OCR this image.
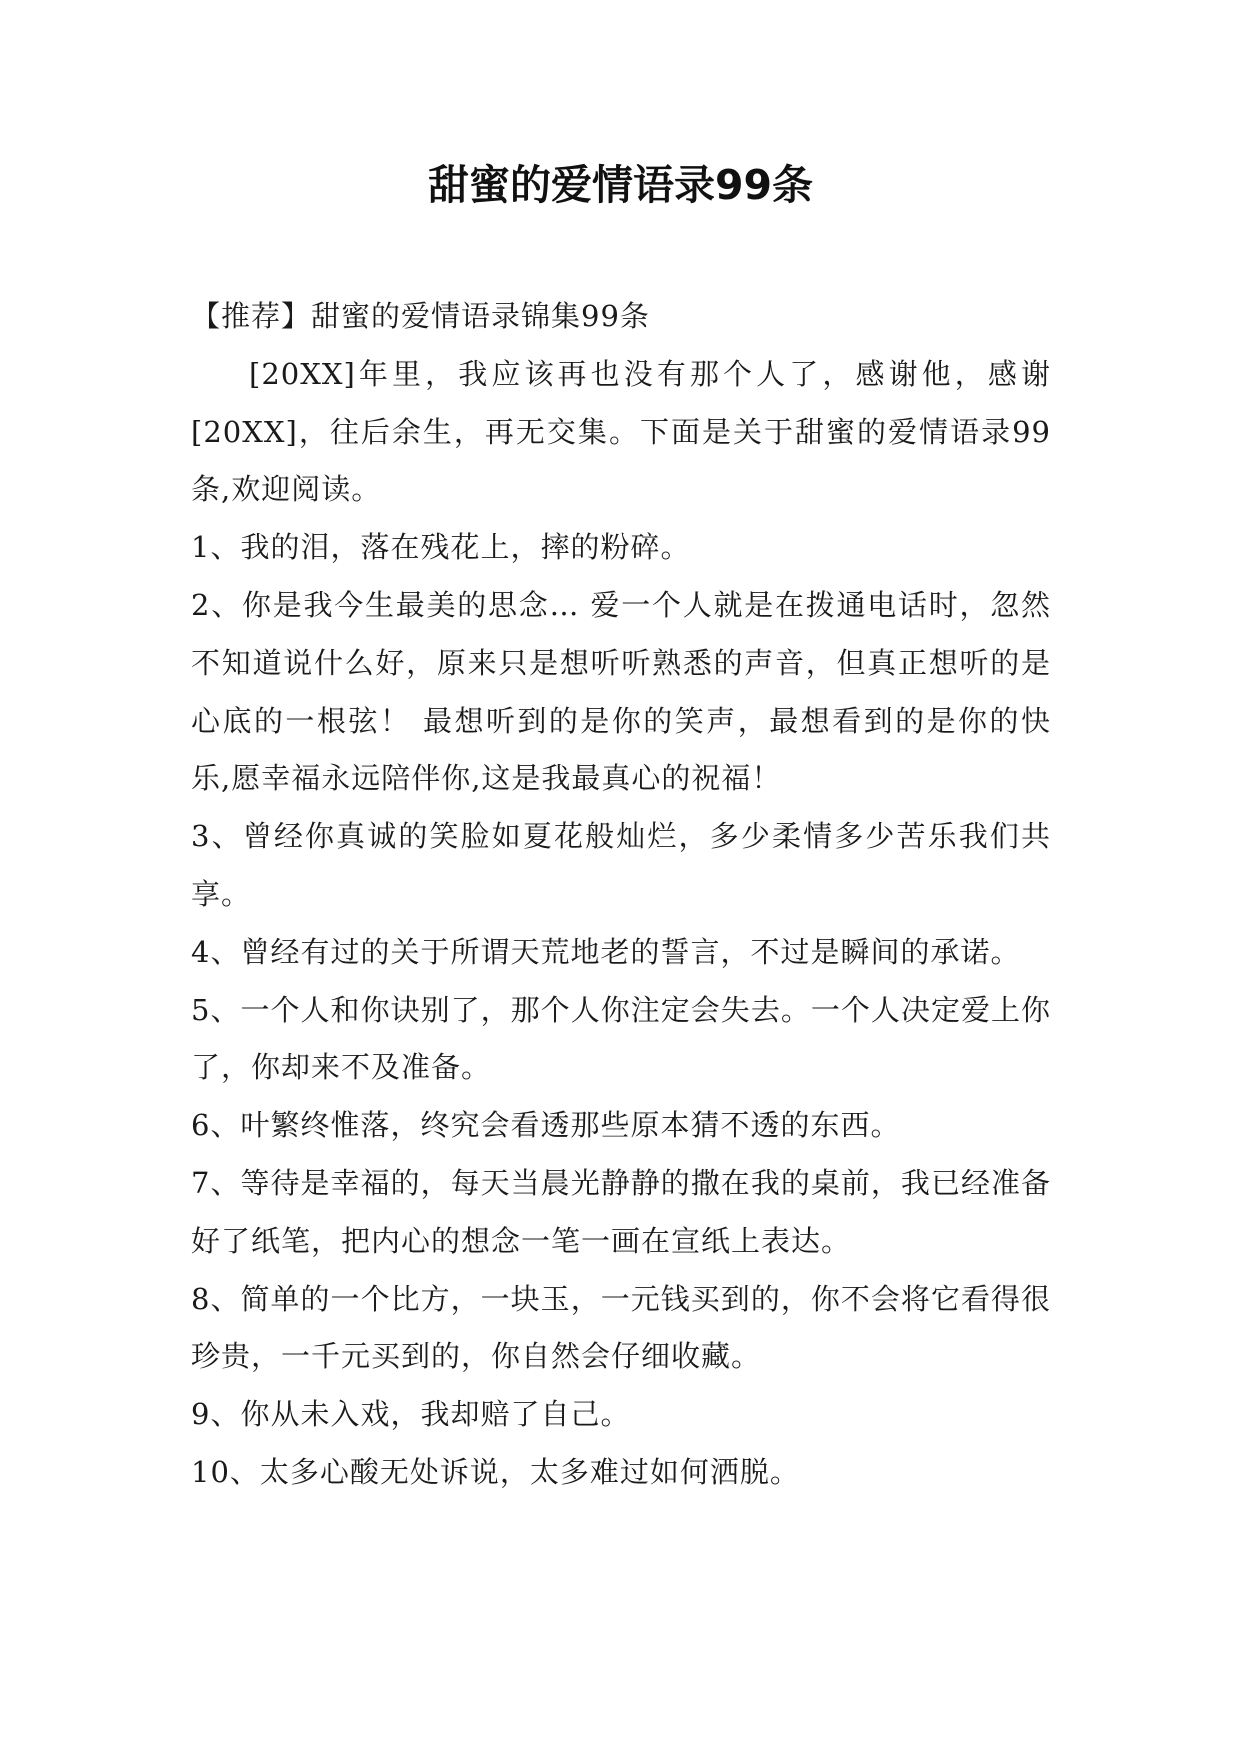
甜蜜的爱情语录99条

【推荐】甜蜜的爱情语录锦集99条

[20XX]年里，我应该再也没有那个人了，感谢他，感谢[20XX]，往后余生，再无交集。下面是关于甜蜜的爱情语录99条,欢迎阅读。

1、我的泪，落在残花上，摔的粉碎。

2、你是我今生最美的思念… 爱一个人就是在拨通电话时，忽然不知道说什么好，原来只是想听听熟悉的声音，但真正想听的是心底的一根弦！ 最想听到的是你的笑声，最想看到的是你的快乐,愿幸福永远陪伴你,这是我最真心的祝福！

3、曾经你真诚的笑脸如夏花般灿烂，多少柔情多少苦乐我们共享。

4、曾经有过的关于所谓天荒地老的誓言，不过是瞬间的承诺。

5、一个人和你诀别了，那个人你注定会失去。一个人决定爱上你了，你却来不及准备。

6、叶繁终惟落，终究会看透那些原本猜不透的东西。

7、等待是幸福的，每天当晨光静静的撒在我的桌前，我已经准备好了纸笔，把内心的想念一笔一画在宣纸上表达。

8、简单的一个比方，一块玉，一元钱买到的，你不会将它看得很珍贵，一千元买到的，你自然会仔细收藏。

9、你从未入戏，我却赔了自己。

10、太多心酸无处诉说，太多难过如何洒脱。
